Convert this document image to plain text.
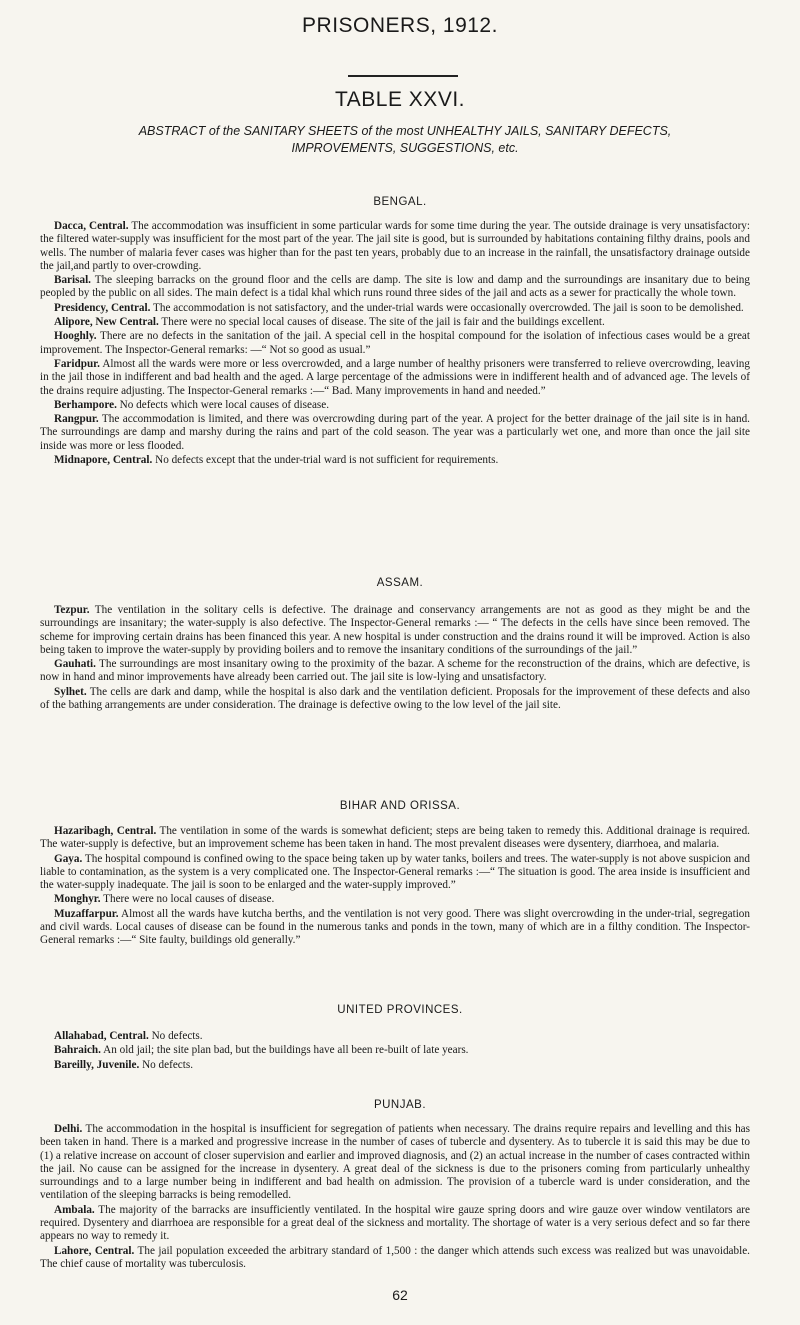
PRISONERS, 1912.
TABLE XXVI.
ABSTRACT of the SANITARY SHEETS of the most UNHEALTHY JAILS, SANITARY DEFECTS, IMPROVEMENTS, SUGGESTIONS, etc.
BENGAL.

Dacca, Central. The accommodation was insufficient in some particular wards for some time during the year. The outside drainage is very unsatisfactory: the filtered water-supply was insufficient for the most part of the year. The jail site is good, but is surrounded by habitations containing filthy drains, pools and wells. The number of malaria fever cases was higher than for the past ten years, probably due to an increase in the rainfall, the unsatisfactory drainage outside the jail,and partly to over-crowding.

Barisal. The sleeping barracks on the ground floor and the cells are damp. The site is low and damp and the surroundings are insanitary due to being peopled by the public on all sides. The main defect is a tidal khal which runs round three sides of the jail and acts as a sewer for practically the whole town.

Presidency, Central. The accommodation is not satisfactory, and the under-trial wards were occasionally overcrowded. The jail is soon to be demolished.

Alipore, New Central. There were no special local causes of disease. The site of the jail is fair and the buildings excellent.

Hooghly. There are no defects in the sanitation of the jail. A special cell in the hospital compound for the isolation of infectious cases would be a great improvement. The Inspector-General remarks: —“ Not so good as usual.”

Faridpur. Almost all the wards were more or less overcrowded, and a large number of healthy prisoners were transferred to relieve overcrowding, leaving in the jail those in indifferent and bad health and the aged. A large percentage of the admissions were in indifferent health and of advanced age. The levels of the drains require adjusting. The Inspector-General remarks :—“ Bad. Many improvements in hand and needed.”

Berhampore. No defects which were local causes of disease.

Rangpur. The accommodation is limited, and there was overcrowding during part of the year. A project for the better drainage of the jail site is in hand. The surroundings are damp and marshy during the rains and part of the cold season. The year was a particularly wet one, and more than once the jail site inside was more or less flooded.

Midnapore, Central. No defects except that the under-trial ward is not sufficient for requirements.

ASSAM.

Tezpur. The ventilation in the solitary cells is defective. The drainage and conservancy arrangements are not as good as they might be and the surroundings are insanitary; the water-supply is also defective. The Inspector-General remarks :— “ The defects in the cells have since been removed. The scheme for improving certain drains has been financed this year. A new hospital is under construction and the drains round it will be improved. Action is also being taken to improve the water-supply by providing boilers and to remove the insanitary conditions of the surroundings of the jail.”

Gauhati. The surroundings are most insanitary owing to the proximity of the bazar. A scheme for the reconstruction of the drains, which are defective, is now in hand and minor improvements have already been carried out. The jail site is low-lying and unsatisfactory.

Sylhet. The cells are dark and damp, while the hospital is also dark and the ventilation deficient. Proposals for the improvement of these defects and also of the bathing arrangements are under consideration. The drainage is defective owing to the low level of the jail site.

BIHAR AND ORISSA.

Hazaribagh, Central. The ventilation in some of the wards is somewhat deficient; steps are being taken to remedy this. Additional drainage is required. The water-supply is defective, but an improvement scheme has been taken in hand. The most prevalent diseases were dysentery, diarrhoea, and malaria.

Gaya. The hospital compound is confined owing to the space being taken up by water tanks, boilers and trees. The water-supply is not above suspicion and liable to contamination, as the system is a very complicated one. The Inspector-General remarks :—“ The situation is good. The area inside is insufficient and the water-supply inadequate. The jail is soon to be enlarged and the water-supply improved.”

Monghyr. There were no local causes of disease.

Muzaffarpur. Almost all the wards have kutcha berths, and the ventilation is not very good. There was slight overcrowding in the under-trial, segregation and civil wards. Local causes of disease can be found in the numerous tanks and ponds in the town, many of which are in a filthy condition. The Inspector-General remarks :—“ Site faulty, buildings old generally.”

UNITED PROVINCES.

Allahabad, Central. No defects.

Bahraich. An old jail; the site plan bad, but the buildings have all been re-built of late years.

Bareilly, Juvenile. No defects.

PUNJAB.

Delhi. The accommodation in the hospital is insufficient for segregation of patients when necessary. The drains require repairs and levelling and this has been taken in hand. There is a marked and progressive increase in the number of cases of tubercle and dysentery. As to tubercle it is said this may be due to (1) a relative increase on account of closer supervision and earlier and improved diagnosis, and (2) an actual increase in the number of cases contracted within the jail. No cause can be assigned for the increase in dysentery. A great deal of the sickness is due to the prisoners coming from particularly unhealthy surroundings and to a large number being in indifferent and bad health on admission. The provision of a tubercle ward is under consideration, and the ventilation of the sleeping barracks is being remodelled.

Ambala. The majority of the barracks are insufficiently ventilated. In the hospital wire gauze spring doors and wire gauze over window ventilators are required. Dysentery and diarrhoea are responsible for a great deal of the sickness and mortality. The shortage of water is a very serious defect and so far there appears no way to remedy it.

Lahore, Central. The jail population exceeded the arbitrary standard of 1,500 : the danger which attends such excess was realized but was unavoidable. The chief cause of mortality was tuberculosis.

62
